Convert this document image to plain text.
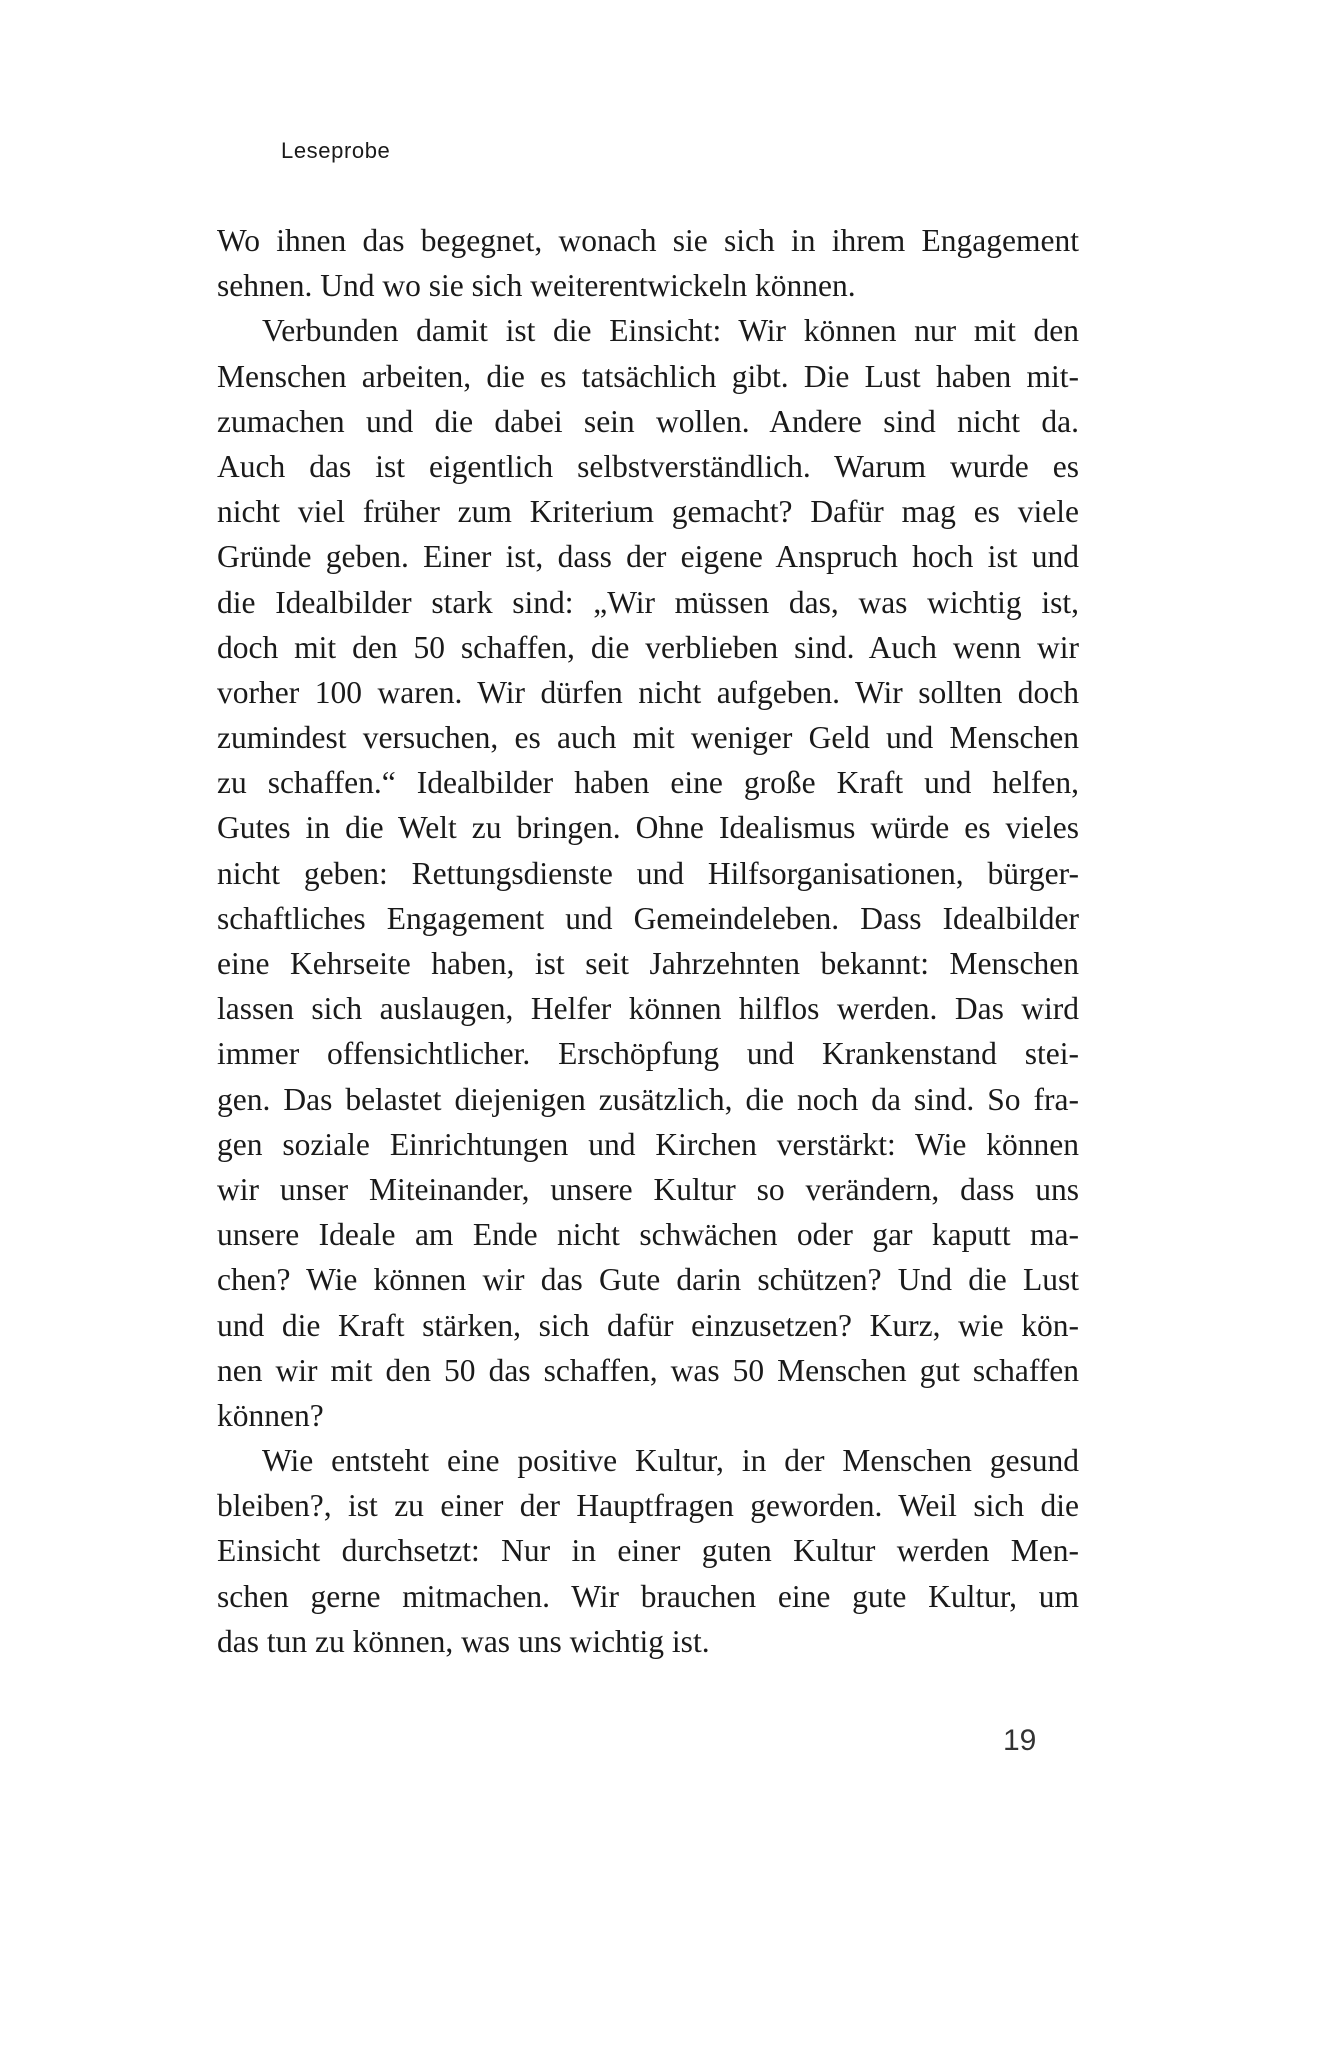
Leseprobe
Wo ihnen das begegnet, wonach sie sich in ihrem Engagement
sehnen. Und wo sie sich weiterentwickeln können.
Verbunden damit ist die Einsicht: Wir können nur mit den
Menschen arbeiten, die es tatsächlich gibt. Die Lust haben mit-
zumachen und die dabei sein wollen. Andere sind nicht da.
Auch das ist eigentlich selbstverständlich. Warum wurde es
nicht viel früher zum Kriterium gemacht? Dafür mag es viele
Gründe geben. Einer ist, dass der eigene Anspruch hoch ist und
die Idealbilder stark sind: „Wir müssen das, was wichtig ist,
doch mit den 50 schaffen, die verblieben sind. Auch wenn wir
vorher 100 waren. Wir dürfen nicht aufgeben. Wir sollten doch
zumindest versuchen, es auch mit weniger Geld und Menschen
zu schaffen.“ Idealbilder haben eine große Kraft und helfen,
Gutes in die Welt zu bringen. Ohne Idealismus würde es vieles
nicht geben: Rettungsdienste und Hilfsorganisationen, bürger-
schaftliches Engagement und Gemeindeleben. Dass Idealbilder
eine Kehrseite haben, ist seit Jahrzehnten bekannt: Menschen
lassen sich auslaugen, Helfer können hilflos werden. Das wird
immer offensichtlicher. Erschöpfung und Krankenstand stei-
gen. Das belastet diejenigen zusätzlich, die noch da sind. So fra-
gen soziale Einrichtungen und Kirchen verstärkt: Wie können
wir unser Miteinander, unsere Kultur so verändern, dass uns
unsere Ideale am Ende nicht schwächen oder gar kaputt ma-
chen? Wie können wir das Gute darin schützen? Und die Lust
und die Kraft stärken, sich dafür einzusetzen? Kurz, wie kön-
nen wir mit den 50 das schaffen, was 50 Menschen gut schaffen
können?
Wie entsteht eine positive Kultur, in der Menschen gesund
bleiben?, ist zu einer der Hauptfragen geworden. Weil sich die
Einsicht durchsetzt: Nur in einer guten Kultur werden Men-
schen gerne mitmachen. Wir brauchen eine gute Kultur, um
das tun zu können, was uns wichtig ist.
19
